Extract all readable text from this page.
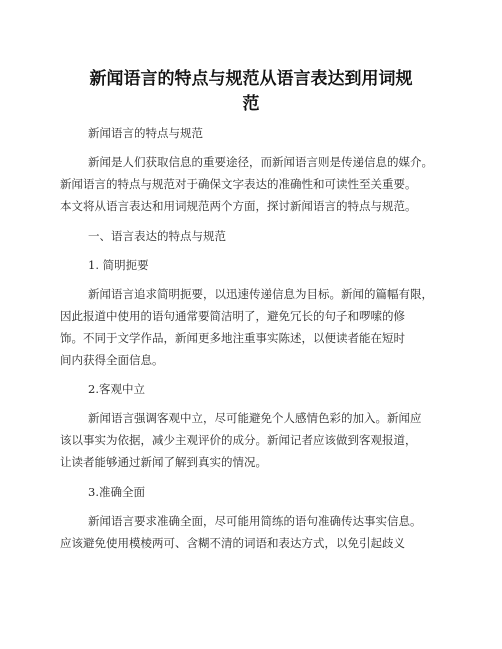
新闻语言的特点与规范从语言表达到用词规
范
新闻语言的特点与规范
新闻是人们获取信息的重要途径，而新闻语言则是传递信息的媒介。
新闻语言的特点与规范对于确保文字表达的准确性和可读性至关重要。
本文将从语言表达和用词规范两个方面，探讨新闻语言的特点与规范。
一、语言表达的特点与规范
1. 简明扼要
新闻语言追求简明扼要，以迅速传递信息为目标。新闻的篇幅有限，
因此报道中使用的语句通常要简洁明了，避免冗长的句子和啰嗦的修
饰。不同于文学作品，新闻更多地注重事实陈述，以便读者能在短时
间内获得全面信息。
2.客观中立
新闻语言强调客观中立，尽可能避免个人感情色彩的加入。新闻应
该以事实为依据，减少主观评价的成分。新闻记者应该做到客观报道，
让读者能够通过新闻了解到真实的情况。
3.准确全面
新闻语言要求准确全面，尽可能用简练的语句准确传达事实信息。
应该避免使用模棱两可、含糊不清的词语和表达方式，以免引起歧义
